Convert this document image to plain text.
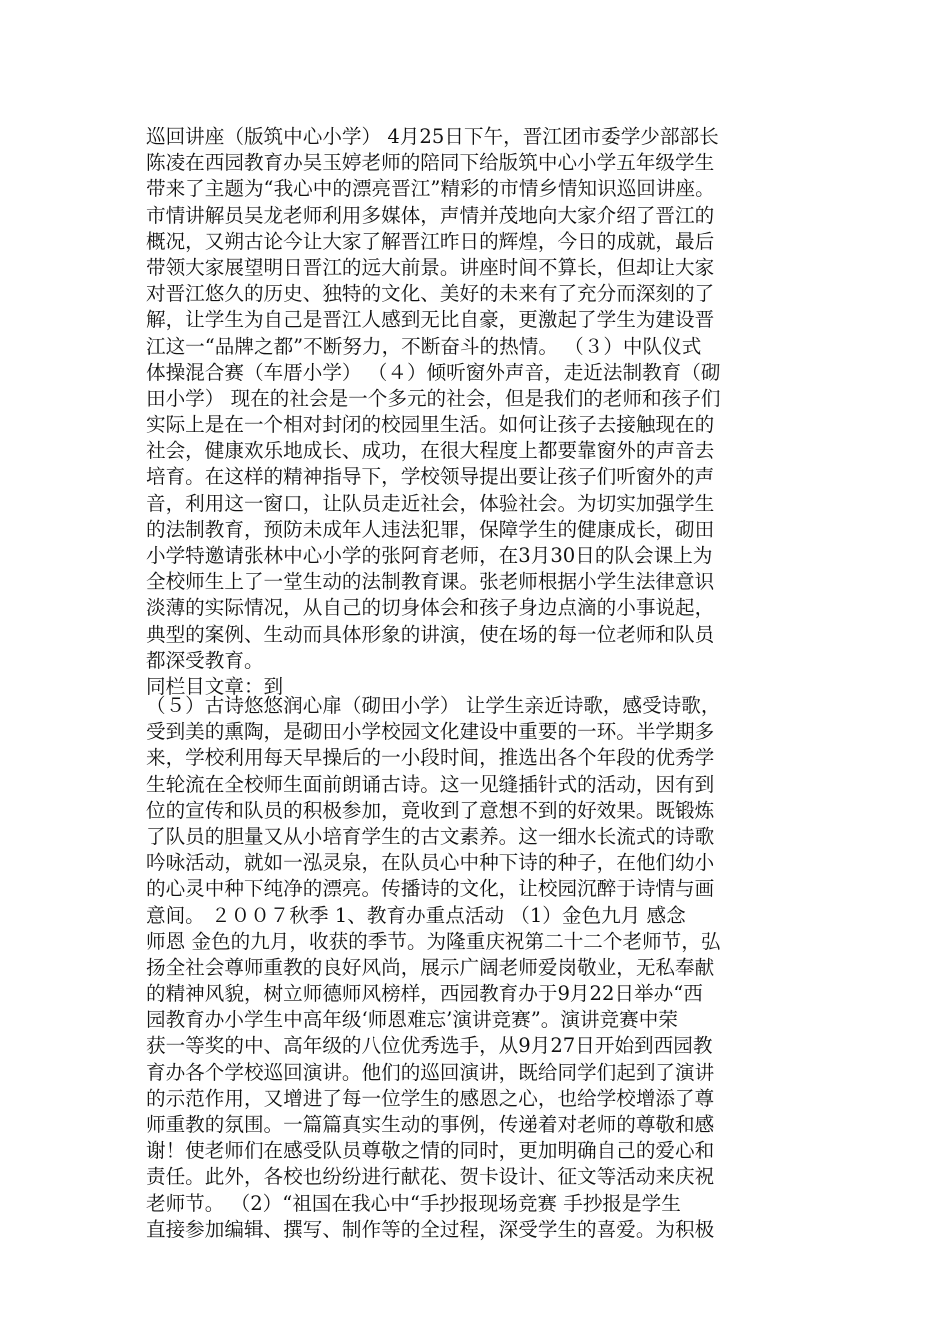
巡回讲座（版筑中心小学） 4月25日下午，晋江团市委学少部部长
陈凌在西园教育办吴玉婷老师的陪同下给版筑中心小学五年级学生
带来了主题为“我心中的漂亮晋江”精彩的市情乡情知识巡回讲座。
市情讲解员吴龙老师利用多媒体，声情并茂地向大家介绍了晋江的
概况，又朔古论今让大家了解晋江昨日的辉煌，今日的成就，最后
带领大家展望明日晋江的远大前景。讲座时间不算长，但却让大家
对晋江悠久的历史、独特的文化、美好的未来有了充分而深刻的了
解，让学生为自己是晋江人感到无比自豪，更激起了学生为建设晋
江这一“品牌之都”不断努力，不断奋斗的热情。 （３）中队仪式
体操混合赛（车厝小学） （４）倾听窗外声音，走近法制教育（砌
田小学） 现在的社会是一个多元的社会，但是我们的老师和孩子们
实际上是在一个相对封闭的校园里生活。如何让孩子去接触现在的
社会，健康欢乐地成长、成功，在很大程度上都要靠窗外的声音去
培育。在这样的精神指导下，学校领导提出要让孩子们听窗外的声
音，利用这一窗口，让队员走近社会，体验社会。为切实加强学生
的法制教育，预防未成年人违法犯罪，保障学生的健康成长，砌田
小学特邀请张林中心小学的张阿育老师，在3月30日的队会课上为
全校师生上了一堂生动的法制教育课。张老师根据小学生法律意识
淡薄的实际情况，从自己的切身体会和孩子身边点滴的小事说起，
典型的案例、生动而具体形象的讲演，使在场的每一位老师和队员
都深受教育。
同栏目文章：到
（５）古诗悠悠润心扉（砌田小学） 让学生亲近诗歌，感受诗歌，
受到美的熏陶，是砌田小学校园文化建设中重要的一环。半学期多
来，学校利用每天早操后的一小段时间，推选出各个年段的优秀学
生轮流在全校师生面前朗诵古诗。这一见缝插针式的活动，因有到
位的宣传和队员的积极参加，竟收到了意想不到的好效果。既锻炼
了队员的胆量又从小培育学生的古文素养。这一细水长流式的诗歌
吟咏活动，就如一泓灵泉，在队员心中种下诗的种子，在他们幼小
的心灵中种下纯净的漂亮。传播诗的文化，让校园沉醉于诗情与画
意间。 ２００７秋季 1、教育办重点活动 （1）金色九月 感念
师恩 金色的九月，收获的季节。为隆重庆祝第二十二个老师节，弘
扬全社会尊师重教的良好风尚，展示广阔老师爱岗敬业，无私奉献
的精神风貌，树立师德师风榜样，西园教育办于9月22日举办“西
园教育办小学生中高年级‘师恩难忘’演讲竞赛”。演讲竞赛中荣
获一等奖的中、高年级的八位优秀选手，从9月27日开始到西园教
育办各个学校巡回演讲。他们的巡回演讲，既给同学们起到了演讲
的示范作用，又增进了每一位学生的感恩之心，也给学校增添了尊
师重教的氛围。一篇篇真实生动的事例，传递着对老师的尊敬和感
谢！使老师们在感受队员尊敬之情的同时，更加明确自己的爱心和
责任。此外，各校也纷纷进行献花、贺卡设计、征文等活动来庆祝
老师节。 （2）“祖国在我心中“手抄报现场竞赛 手抄报是学生
直接参加编辑、撰写、制作等的全过程，深受学生的喜爱。为积极
